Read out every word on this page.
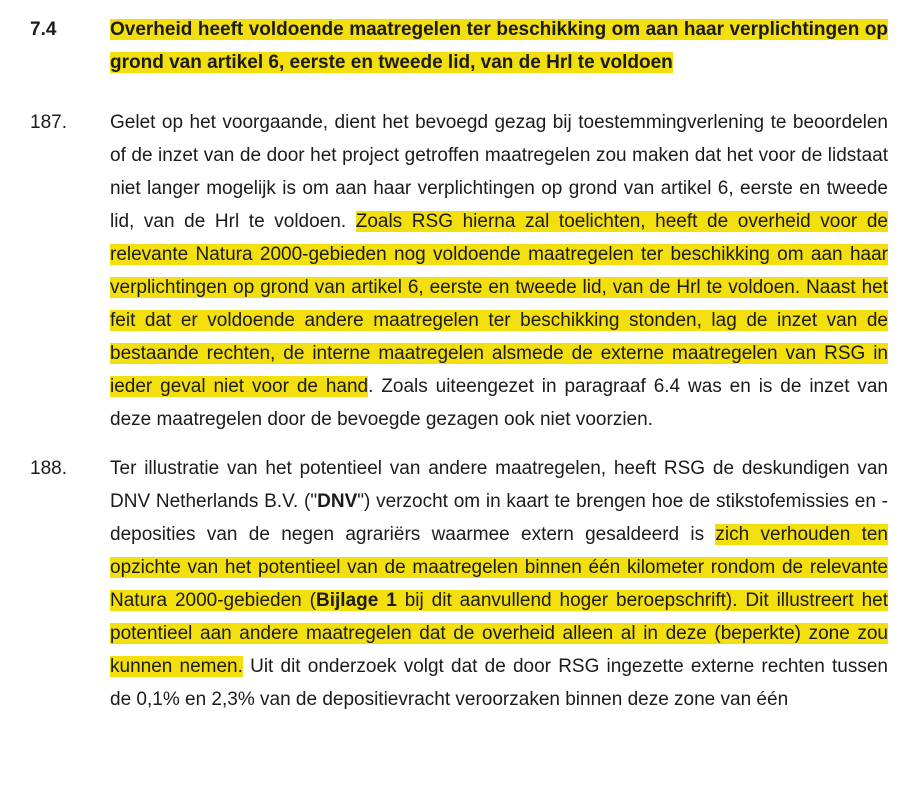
7.4	Overheid heeft voldoende maatregelen ter beschikking om aan haar verplichtingen op grond van artikel 6, eerste en tweede lid, van de Hrl te voldoen
187.	Gelet op het voorgaande, dient het bevoegd gezag bij toestemmingverlening te beoordelen of de inzet van de door het project getroffen maatregelen zou maken dat het voor de lidstaat niet langer mogelijk is om aan haar verplichtingen op grond van artikel 6, eerste en tweede lid, van de Hrl te voldoen. Zoals RSG hierna zal toelichten, heeft de overheid voor de relevante Natura 2000-gebieden nog voldoende maatregelen ter beschikking om aan haar verplichtingen op grond van artikel 6, eerste en tweede lid, van de Hrl te voldoen. Naast het feit dat er voldoende andere maatregelen ter beschikking stonden, lag de inzet van de bestaande rechten, de interne maatregelen alsmede de externe maatregelen van RSG in ieder geval niet voor de hand. Zoals uiteengezet in paragraaf 6.4 was en is de inzet van deze maatregelen door de bevoegde gezagen ook niet voorzien.

188.	Ter illustratie van het potentieel van andere maatregelen, heeft RSG de deskundigen van DNV Netherlands B.V. ("DNV") verzocht om in kaart te brengen hoe de stikstofemissies en -deposities van de negen agrariërs waarmee extern gesaldeerd is zich verhouden ten opzichte van het potentieel van de maatregelen binnen één kilometer rondom de relevante Natura 2000-gebieden (Bijlage 1 bij dit aanvullend hoger beroepschrift). Dit illustreert het potentieel aan andere maatregelen dat de overheid alleen al in deze (beperkte) zone zou kunnen nemen. Uit dit onderzoek volgt dat de door RSG ingezette externe rechten tussen de 0,1% en 2,3% van de depositievracht veroorzaken binnen deze zone van één
